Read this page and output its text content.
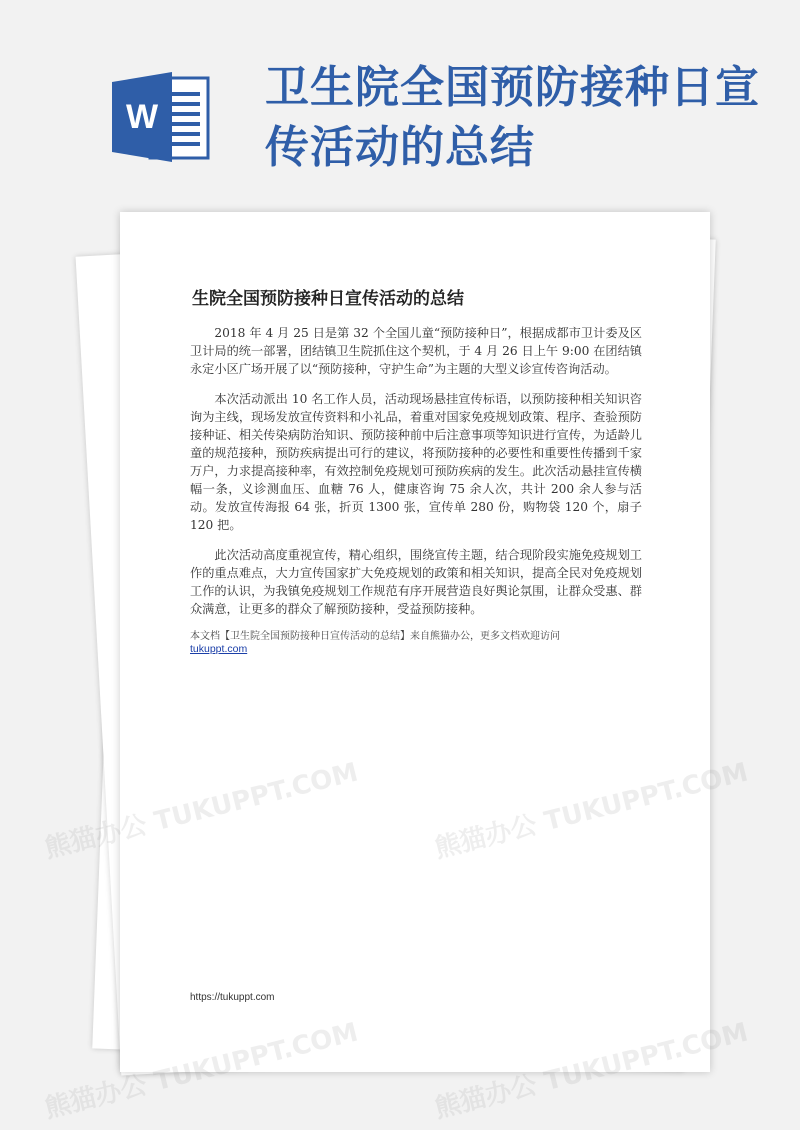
W
卫生院全国预防接种日宣传活动的总结
生院全国预防接种日宣传活动的总结

2018 年 4 月 25 日是第 32 个全国儿童“预防接种日”，根据成都市卫计委及区卫计局的统一部署，团结镇卫生院抓住这个契机，于 4 月 26 日上午 9:00 在团结镇永定小区广场开展了以“预防接种，守护生命”为主题的大型义诊宣传咨询活动。

本次活动派出 10 名工作人员，活动现场悬挂宣传标语，以预防接种相关知识咨询为主线，现场发放宣传资料和小礼品，着重对国家免疫规划政策、程序、查验预防接种证、相关传染病防治知识、预防接种前中后注意事项等知识进行宣传，为适龄儿童的规范接种，预防疾病提出可行的建议，将预防接种的必要性和重要性传播到千家万户，力求提高接种率，有效控制免疫规划可预防疾病的发生。此次活动悬挂宣传横幅一条，义诊测血压、血糖 76 人，健康咨询 75 余人次，共计 200 余人参与活动。发放宣传海报 64 张，折页 1300 张，宣传单 280 份，购物袋 120 个，扇子 120 把。

此次活动高度重视宣传，精心组织，围绕宣传主题，结合现阶段实施免疫规划工作的重点难点，大力宣传国家扩大免疫规划的政策和相关知识，提高全民对免疫规划工作的认识，为我镇免疫规划工作规范有序开展营造良好舆论氛围，让群众受惠、群众满意，让更多的群众了解预防接种，受益预防接种。

本文档【卫生院全国预防接种日宣传活动的总结】来自熊猫办公，更多文档欢迎访问
tukuppt.com
https://tukuppt.com
熊猫办公
熊猫办公	熊猫办公
